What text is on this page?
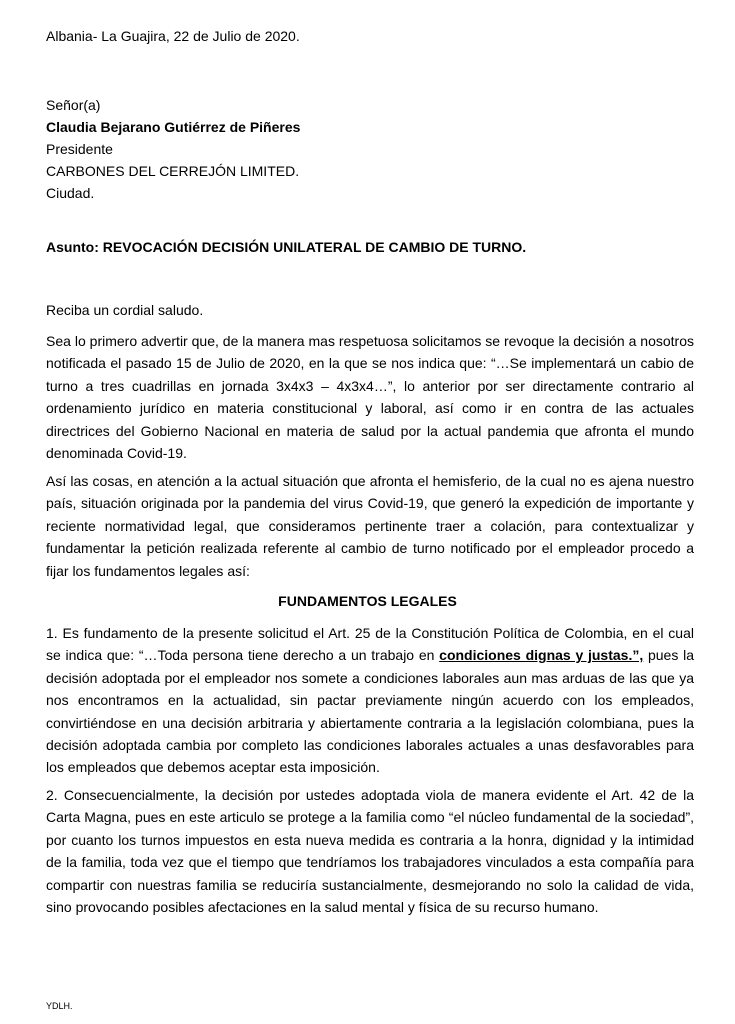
Albania- La Guajira, 22 de Julio de 2020.
Señor(a)
Claudia Bejarano Gutiérrez de Piñeres
Presidente
CARBONES DEL CERREJÓN LIMITED.
Ciudad.
Asunto: REVOCACIÓN DECISIÓN UNILATERAL DE CAMBIO DE TURNO.
Reciba un cordial saludo.
Sea lo primero advertir que, de la manera mas respetuosa solicitamos se revoque la decisión a nosotros notificada el pasado 15 de Julio de 2020, en la que se nos indica que: “…Se implementará un cabio de turno a tres cuadrillas en jornada 3x4x3 – 4x3x4…”, lo anterior por ser directamente contrario al ordenamiento jurídico en materia constitucional y laboral, así como ir en contra de las actuales directrices del Gobierno Nacional en materia de salud por la actual pandemia que afronta el mundo denominada Covid-19.
Así las cosas, en atención a la actual situación que afronta el hemisferio, de la cual no es ajena nuestro país, situación originada por la pandemia del virus Covid-19, que generó la expedición de importante y reciente normatividad legal, que consideramos pertinente traer a colación, para contextualizar y fundamentar la petición realizada referente al cambio de turno notificado por el empleador procedo a fijar los fundamentos legales así:
FUNDAMENTOS LEGALES
1. Es fundamento de la presente solicitud el Art. 25 de la Constitución Política de Colombia, en el cual se indica que: “…Toda persona tiene derecho a un trabajo en condiciones dignas y justas.”, pues la decisión adoptada por el empleador nos somete a condiciones laborales aun mas arduas de las que ya nos encontramos en la actualidad, sin pactar previamente ningún acuerdo con los empleados, convirtiéndose en una decisión arbitraria y abiertamente contraria a la legislación colombiana, pues la decisión adoptada cambia por completo las condiciones laborales actuales a unas desfavorables para los empleados que debemos aceptar esta imposición.
2. Consecuencialmente, la decisión por ustedes adoptada viola de manera evidente el Art. 42 de la Carta Magna, pues en este articulo se protege a la familia como “el núcleo fundamental de la sociedad”, por cuanto los turnos impuestos en esta nueva medida es contraria a la honra, dignidad y la intimidad de la familia, toda vez que el tiempo que tendríamos los trabajadores vinculados a esta compañía para compartir con nuestras familia se reduciría sustancialmente, desmejorando no solo la calidad de vida, sino provocando posibles afectaciones en la salud mental y física de su recurso humano.
YDLH.
